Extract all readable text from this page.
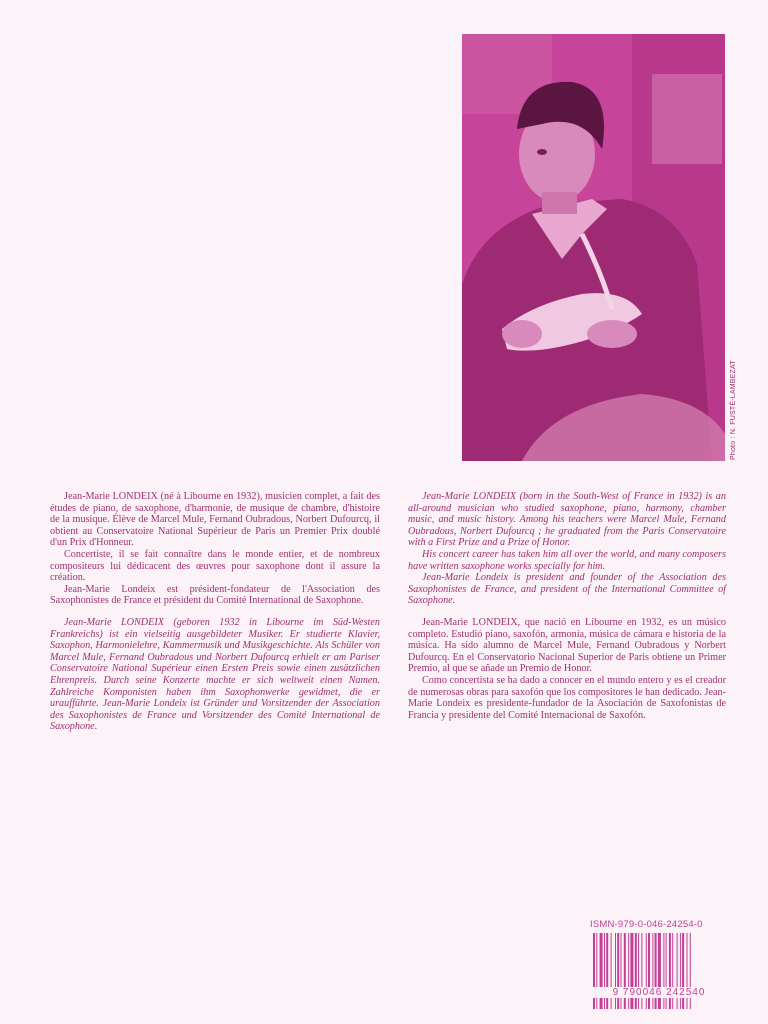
Photo : N. FUSTÉ-LAMBEZAT

Jean-Marie LONDEIX (né à Libourne en 1932), musicien complet, a fait des études de piano, de saxophone, d'harmonie, de musique de chambre, d'histoire de la musique. Élève de Marcel Mule, Fernand Oubradous, Norbert Dufourcq, il obtient au Conservatoire National Supérieur de Paris un Premier Prix doublé d'un Prix d'Honneur.

Concertiste, il se fait connaître dans le monde entier, et de nombreux compositeurs lui dédicacent des œuvres pour saxophone dont il assure la création.

Jean-Marie Londeix est président-fondateur de l'Association des Saxophonistes de France et président du Comité International de Saxophone.

Jean-Marie LONDEIX (geboren 1932 in Libourne im Süd-Westen Frankreichs) ist ein vielseitig ausgebildeter Musiker. Er studierte Klavier, Saxophon, Harmonielehre, Kammermusik und Musikgeschichte. Als Schüler von Marcel Mule, Fernand Oubradous und Norbert Dufourcq erhielt er am Pariser Conservatoire National Supérieur einen Ersten Preis sowie einen zusätzlichen Ehrenpreis. Durch seine Konzerte machte er sich weltweit einen Namen. Zahlreiche Komponisten haben ihm Saxophonwerke gewidmet, die er uraufführte. Jean-Marie Londeix ist Gründer und Vorsitzender der Association des Saxophonistes de France und Vorsitzender des Comité International de Saxophone.

Jean-Marie LONDEIX (born in the South-West of France in 1932) is an all-around musician who studied saxophone, piano, harmony, chamber music, and music history. Among his teachers were Marcel Mule, Fernand Oubradous, Norbert Dufourcq ; he graduated from the Paris Conservatoire with a First Prize and a Prize of Honor.

His concert career has taken him all over the world, and many composers have written saxophone works specially for him.

Jean-Marie Londeix is president and founder of the Association des Saxophonistes de France, and president of the International Committee of Saxophone.

Jean-Marie LONDEIX, que nació en Libourne en 1932, es un músico completo. Estudió piano, saxofón, armonía, música de cámara e historia de la música. Ha sido alumno de Marcel Mule, Fernand Oubradous y Norbert Dufourcq. En el Conservatorio Nacional Superior de Paris obtiene un Primer Premio, al que se añade un Premio de Honor.

Como concertista se ha dado a conocer en el mundo entero y es el creador de numerosas obras para saxofón que los compositores le han dedicado. Jean-Marie Londeix es presidente-fundador de la Asociación de Saxofonistas de Francia y presidente del Comité Internacional de Saxofón.

ISMN-979-0-046-24254-0
9 790046 242540
